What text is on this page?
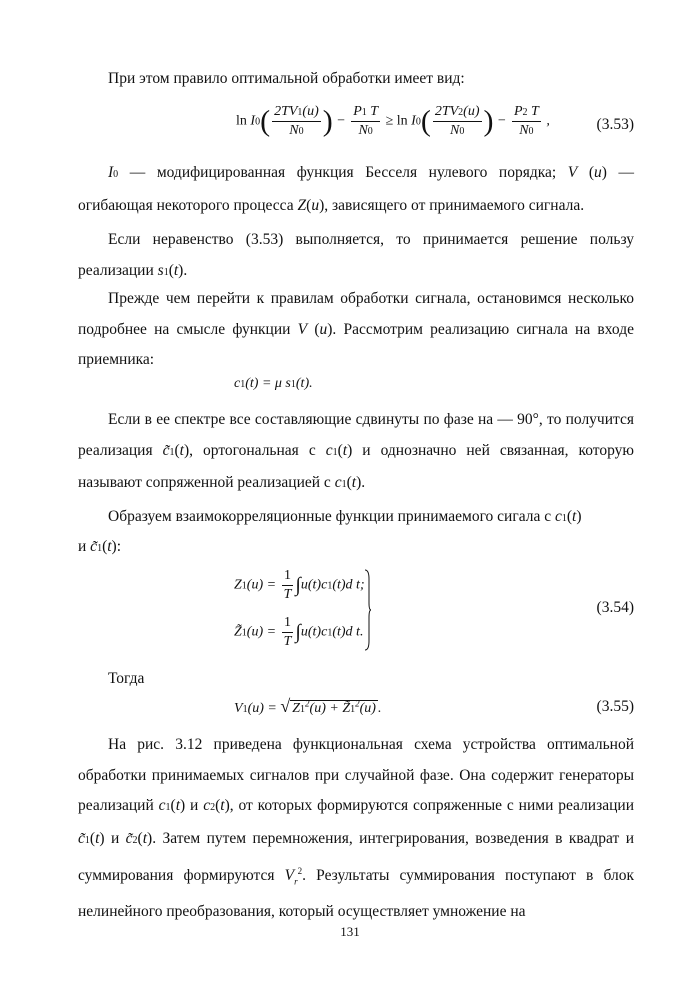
При этом правило оптимальной обработки имеет вид:

$\ln I0( \frac{2TV1(u)}{N0}$ ) − $\frac{P1 T}{N0} \ge \ln I0( \frac{2TV2(u)}{N0}$ ) − $\frac{P2 T}{N0}$ ,	(3.53)

I0 — модифицированная функция Бесселя нулевого порядка; V (u) — огибающая некоторого процесса Z(u), зависящего от принимаемого сигнала.

Если неравенство (3.53) выполняется, то принимается решение пользу реализации s1(t).

Прежде чем перейти к правилам обработки сигнала, остановимся несколько подробнее на смысле функции V (u). Рассмотрим реализацию сигнала на входе приемника:

c1(t) = μ s1(t).

Если в ее спектре все составляющие сдвинуты по фазе на — 90°, то получится реализация c̃1(t), ортогональная с c1(t) и однозначно ней связанная, которую называют сопряженной реализацией с c1(t).

Образуем взаимокорреляционные функции принимаемого сигала с c1(t)

и c̃1(t):

$Z1(u) = \frac{1}{T} \int u(t)c1(t)d$ t;
Z̃1(u) = $\frac{1}{T} \int u(t)c1(t)d$ t.
(3.54)

Тогда

V1(u) = √ $Z1^2(u)$ + $Z̃1^2(u)$ .	(3.55)

На рис. 3.12 приведена функциональная схема устройства оптимальной обработки принимаемых сигналов при случайной фазе. Она содержит генераторы реализаций c1(t) и c2(t), от которых формируются сопряженные с ними реализации c̃1(t) и c̃2(t). Затем путем перемножения, интегрирования, возведения в квадрат и суммирования формируются $V_r^2$. Результаты суммирования поступают в блок нелинейного преобразования, который осуществляет умножение на

131
